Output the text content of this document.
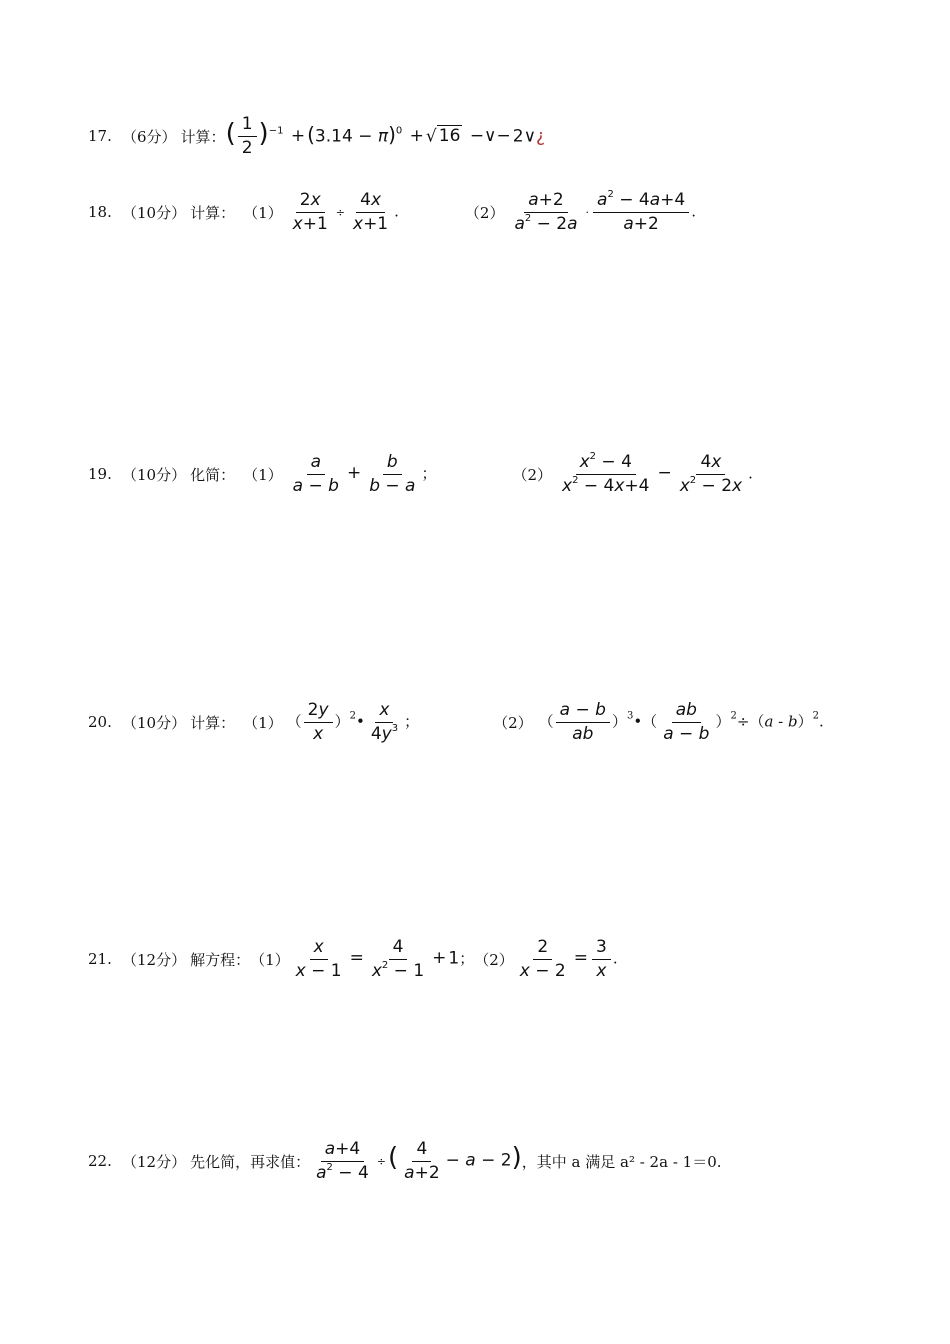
17. （6分） 计算： ( $\frac{1}{2} )^{-1} + (3.14 - \pi)^0$ + √ 16 −∨− 2∨¿
18. （10分） 计算： $(1) \frac{2x}{x+1} \div \frac{4x}{x+1}$ .	$(2) \frac{a+2}{a^2 - 2a} \cdot \frac{a^2 - 4a+4}{a+2}$ .
19. （10分） 化简： $(1) \frac{a}{a - b} + \frac{b}{b - a}$ ；	$(2) \frac{x^2 - 4}{x^2 - 4x+4} - \frac{4x}{x^2 - 2x}$ .
20. （10分） 计算： （1） （ $\frac{2y}{x}$ ）$^2$• $\frac{x}{4y^3}$ ；	（2） （ $\frac{a - b}{ab}$ ）$^3$•（ $\frac{ab}{a - b} )^2\div(a - b)^2$.
21. （12分） 解方程： $(1) \frac{x}{x - 1} = \frac{4}{x^2 - 1} + 1$； $(2) \frac{2}{x - 2} = \frac{3}{x}$ .
22. （12分） 先化简，再求值： $\frac{a+4}{a^2 - 4}$ ÷( $\frac{4}{a+2} - a - 2$) ，其中 a 满足 a² - 2a - 1＝0.
